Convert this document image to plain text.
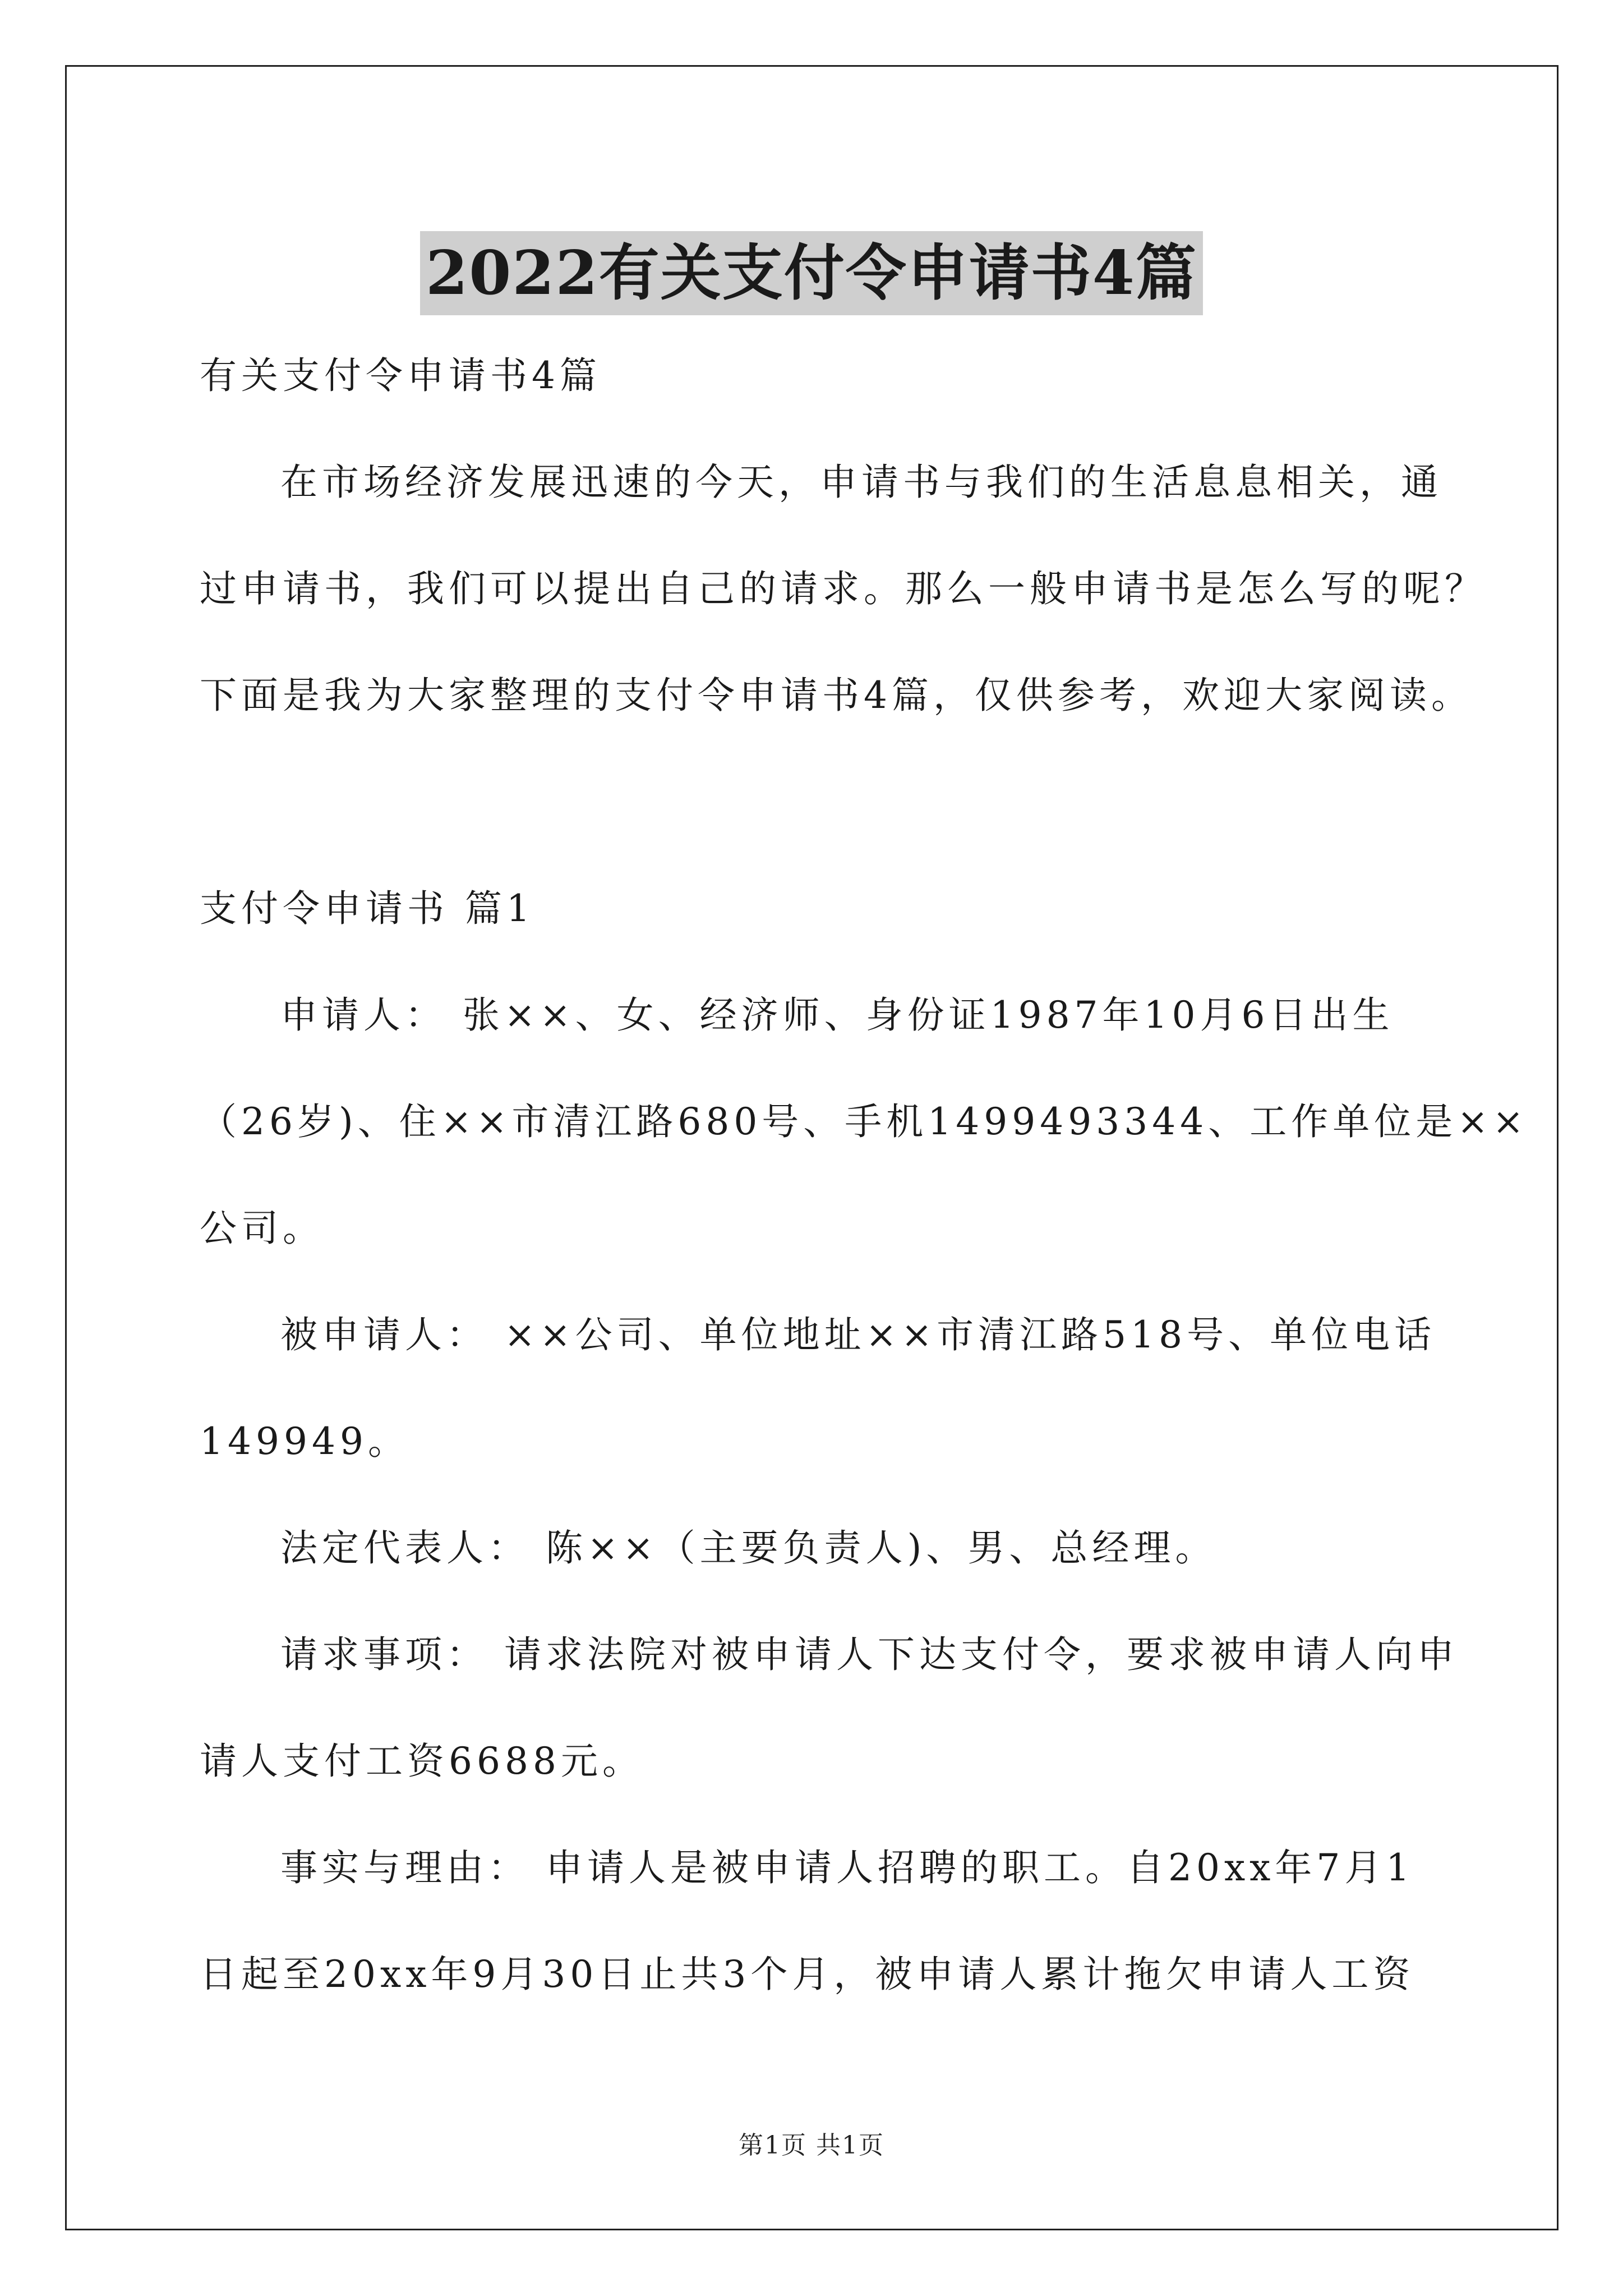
2022有关支付令申请书4篇

有关支付令申请书4篇

在市场经济发展迅速的今天，申请书与我们的生活息息相关，通

过申请书，我们可以提出自己的请求。那么一般申请书是怎么写的呢？

下面是我为大家整理的支付令申请书4篇，仅供参考，欢迎大家阅读。

支付令申请书 篇1

申请人： 张××、女、经济师、身份证1987年10月6日出生

（26岁)、住××市清江路680号、手机1499493344、工作单位是××

公司。

被申请人： ××公司、单位地址××市清江路518号、单位电话

149949。

法定代表人： 陈××（主要负责人)、男、总经理。

请求事项： 请求法院对被申请人下达支付令，要求被申请人向申

请人支付工资6688元。

事实与理由： 申请人是被申请人招聘的职工。自20xx年7月1

日起至20xx年9月30日止共3个月，被申请人累计拖欠申请人工资

第1页 共1页
